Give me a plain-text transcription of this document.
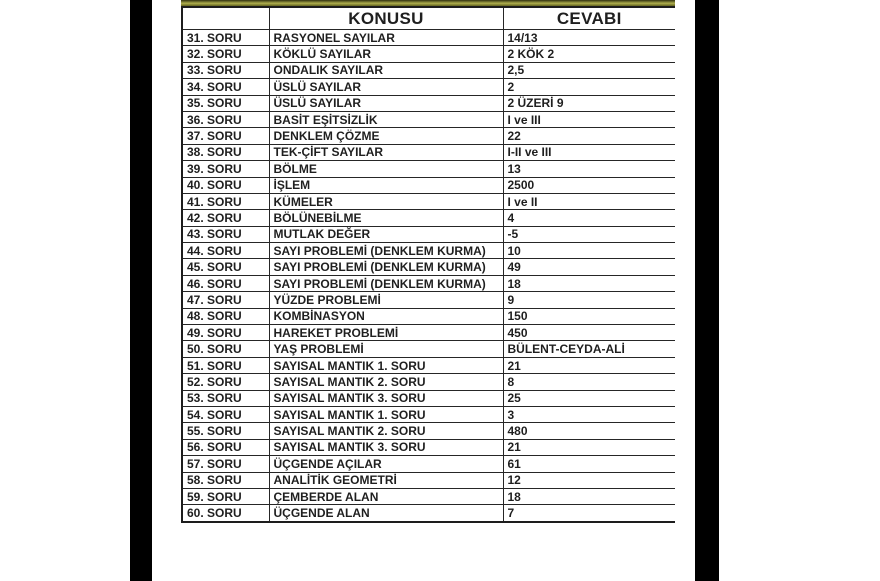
	KONUSU	CEVABI
31. SORU	RASYONEL SAYILAR	14/13
32. SORU	KÖKLÜ SAYILAR	2 KÖK 2
33. SORU	ONDALIK SAYILAR	2,5
34. SORU	ÜSLÜ SAYILAR	2
35. SORU	ÜSLÜ SAYILAR	2 ÜZERİ 9
36. SORU	BASİT EŞİTSİZLİK	I ve III
37. SORU	DENKLEM ÇÖZME	22
38. SORU	TEK-ÇİFT SAYILAR	I-II ve III
39. SORU	BÖLME	13
40. SORU	İŞLEM	2500
41. SORU	KÜMELER	I ve II
42. SORU	BÖLÜNEBİLME	4
43. SORU	MUTLAK DEĞER	-5
44. SORU	SAYI PROBLEMİ (DENKLEM KURMA)	10
45. SORU	SAYI PROBLEMİ (DENKLEM KURMA)	49
46. SORU	SAYI PROBLEMİ (DENKLEM KURMA)	18
47. SORU	YÜZDE PROBLEMİ	9
48. SORU	KOMBİNASYON	150
49. SORU	HAREKET PROBLEMİ	450
50. SORU	YAŞ PROBLEMİ	BÜLENT-CEYDA-ALİ
51. SORU	SAYISAL MANTIK 1. SORU	21
52. SORU	SAYISAL MANTIK 2. SORU	8
53. SORU	SAYISAL MANTIK 3. SORU	25
54. SORU	SAYISAL MANTIK 1. SORU	3
55. SORU	SAYISAL MANTIK 2. SORU	480
56. SORU	SAYISAL MANTIK 3. SORU	21
57. SORU	ÜÇGENDE AÇILAR	61
58. SORU	ANALİTİK GEOMETRİ	12
59. SORU	ÇEMBERDE ALAN	18
60. SORU	ÜÇGENDE ALAN	7
